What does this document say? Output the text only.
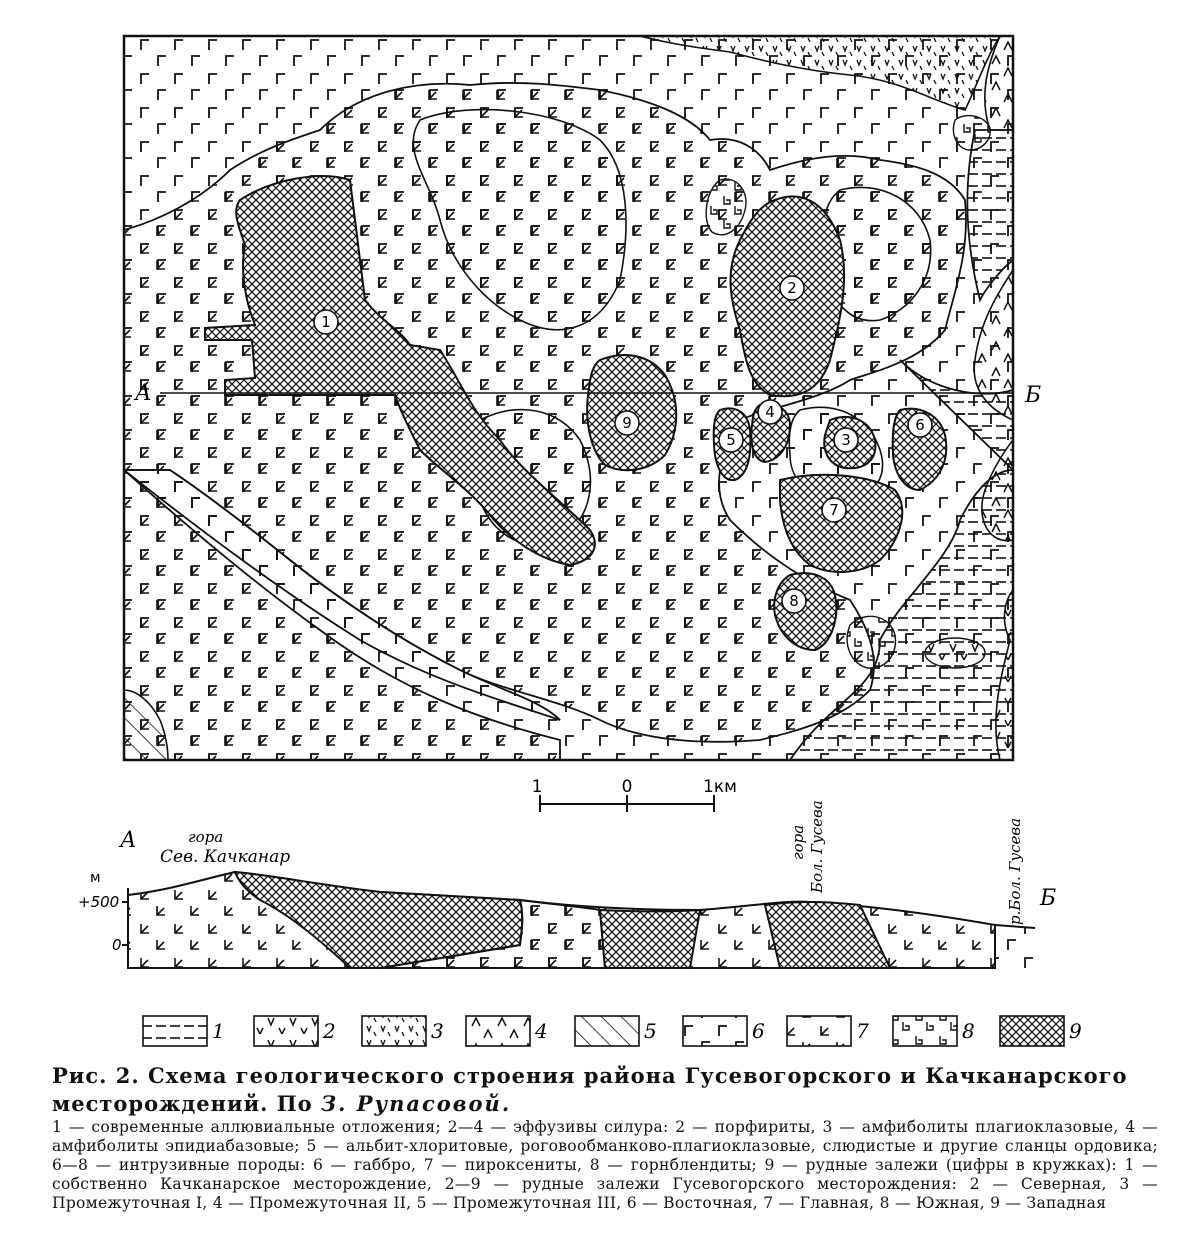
1
2
3
4
5
6
7
8
9
А	Б
1	0	1км
А	гора
Сев. Качканар
м
+500
0
гора Бол. Гусева	р.Бол. Гусева Б
1	2	3	4	5	6	7	8	9
Рис. 2. Схема геологического строения района Гусевогорского и Качканарского месторождений. По З. Рупасовой.
1 — современные аллювиальные отложения; 2—4 — эффузивы силура: 2 — порфириты, 3 — амфиболиты плагиоклазовые, 4 — амфиболиты эпидиабазовые; 5 — альбит-хлоритовые, роговообманково-плагиоклазовые, слюдистые и другие сланцы ордовика; 6—8 — интрузивные породы: 6 — габбро, 7 — пироксениты, 8 — горнблендиты; 9 — рудные залежи (цифры в кружках): 1 — собственно Качканарское месторождение, 2—9 — рудные залежи Гусевогорского месторождения: 2 — Северная, 3 — Промежуточная I, 4 — Промежуточная II, 5 — Промежуточная III, 6 — Восточная, 7 — Главная, 8 — Южная, 9 — Западная
